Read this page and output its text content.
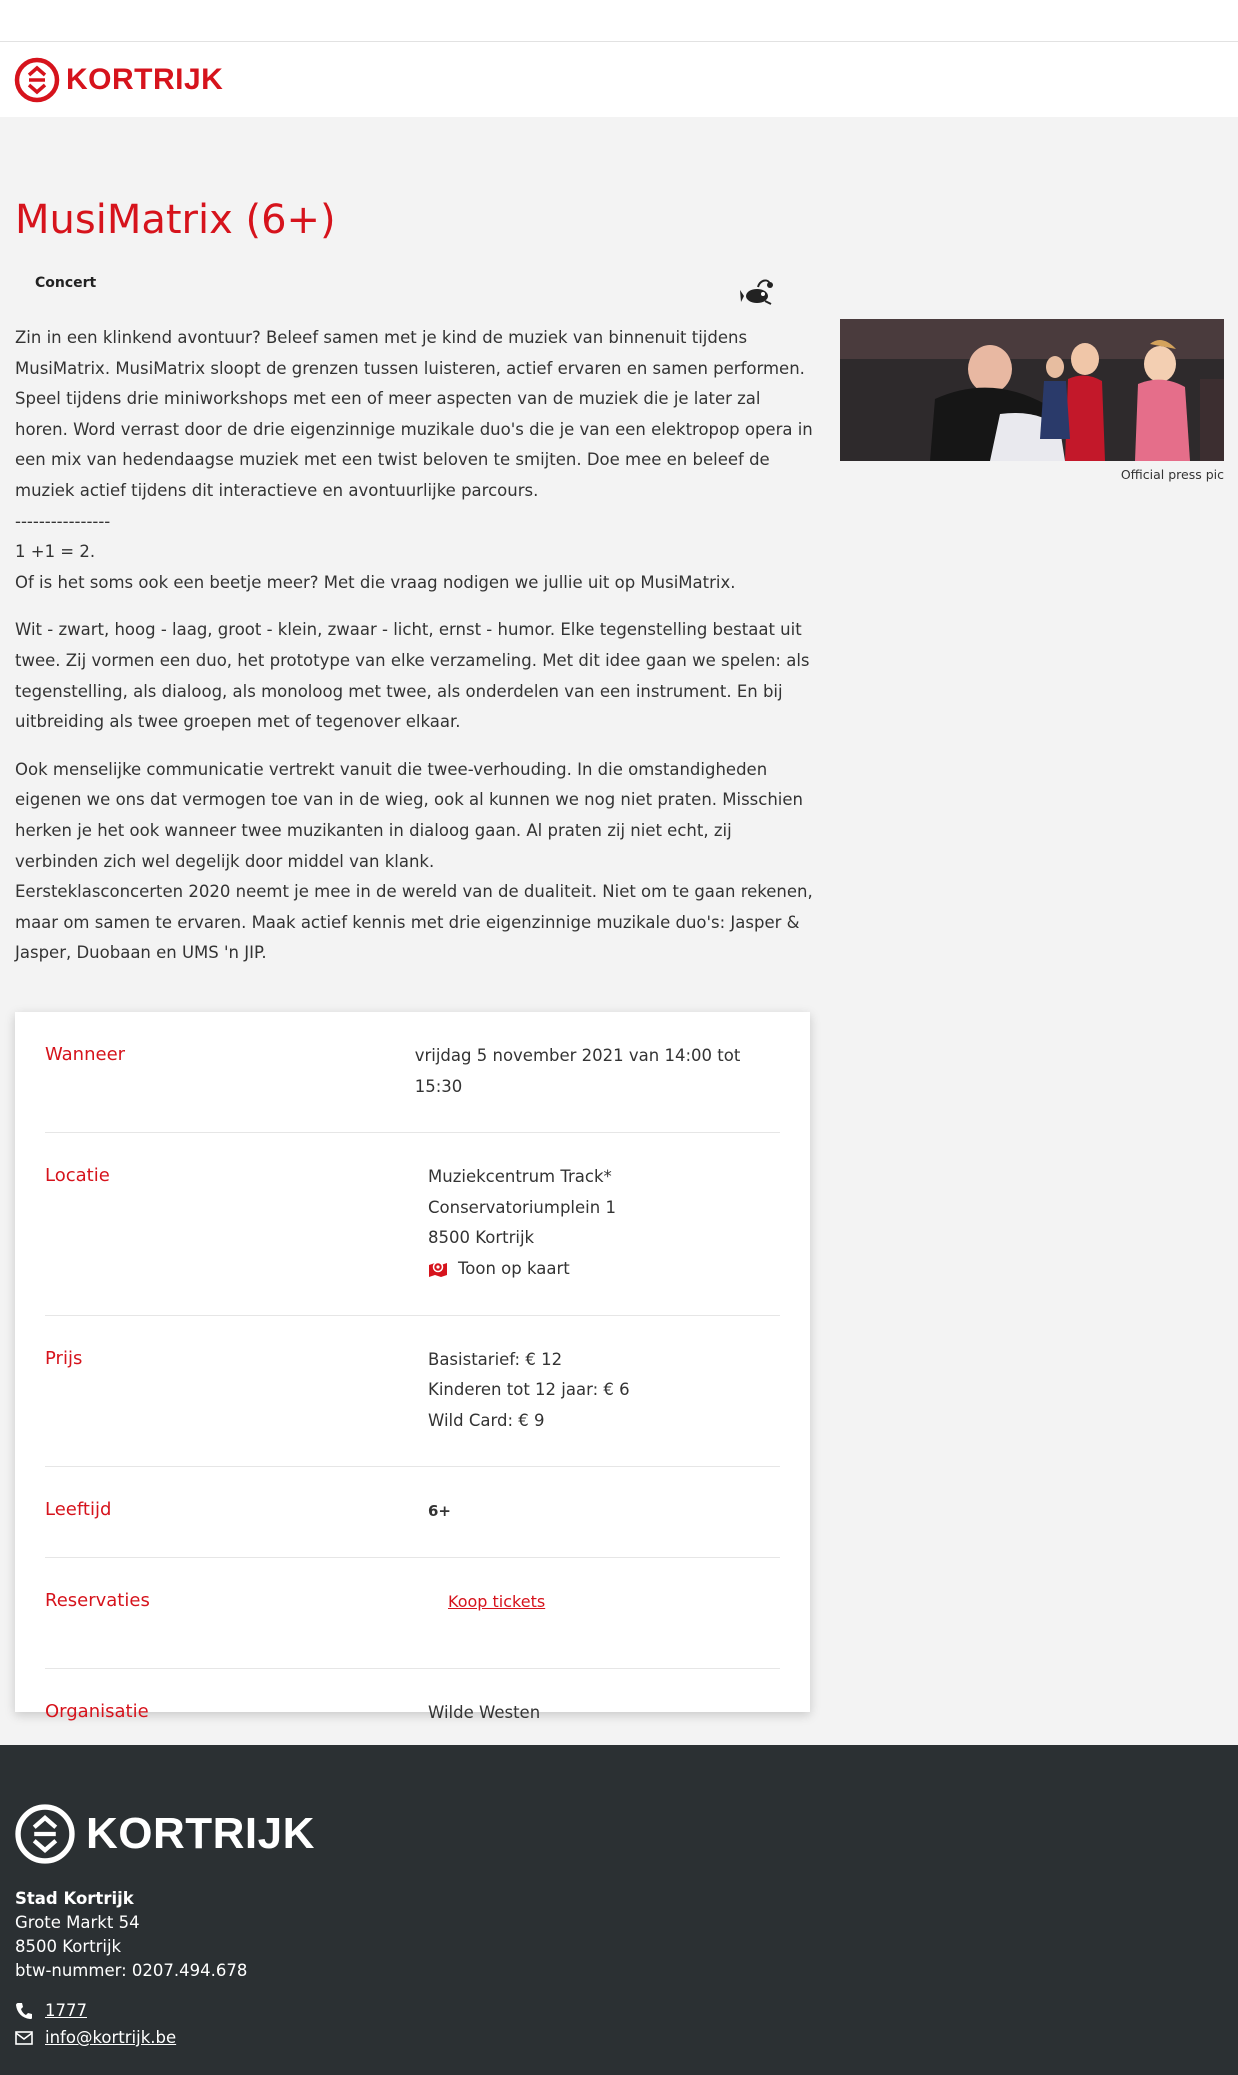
KORTRIJK
MusiMatrix (6+)
Concert

Zin in een klinkend avontuur? Beleef samen met je kind de muziek van binnenuit tijdens MusiMatrix. MusiMatrix sloopt de grenzen tussen luisteren, actief ervaren en samen performen. Speel tijdens drie miniworkshops met een of meer aspecten van de muziek die je later zal horen. Word verrast door de drie eigenzinnige muzikale duo's die je van een elektropop opera in een mix van hedendaagse muziek met een twist beloven te smijten. Doe mee en beleef de muziek actief tijdens dit interactieve en avontuurlijke parcours.
----------------
1 +1 = 2.
Of is het soms ook een beetje meer? Met die vraag nodigen we jullie uit op MusiMatrix.

Wit - zwart, hoog - laag, groot - klein, zwaar - licht, ernst - humor. Elke tegenstelling bestaat uit twee. Zij vormen een duo, het prototype van elke verzameling. Met dit idee gaan we spelen: als tegenstelling, als dialoog, als monoloog met twee, als onderdelen van een instrument. En bij uitbreiding als twee groepen met of tegenover elkaar.

Ook menselijke communicatie vertrekt vanuit die twee-verhouding. In die omstandigheden eigenen we ons dat vermogen toe van in de wieg, ook al kunnen we nog niet praten. Misschien herken je het ook wanneer twee muzikanten in dialoog gaan. Al praten zij niet echt, zij verbinden zich wel degelijk door middel van klank.
Eersteklasconcerten 2020 neemt je mee in de wereld van de dualiteit. Niet om te gaan rekenen, maar om samen te ervaren. Maak actief kennis met drie eigenzinnige muzikale duo's: Jasper & Jasper, Duobaan en UMS 'n JIP.

Official press pic
Wanneer	vrijdag 5 november 2021 van 14:00 tot 15:30
Locatie	Muziekcentrum Track*
Conservatoriumplein 1
8500 Kortrijk
Toon op kaart
Prijs	Basistarief: € 12
Kinderen tot 12 jaar: € 6
Wild Card: € 9
Leeftijd	6+
Reservaties	Koop tickets
Organisatie	Wilde Westen
KORTRIJK
Stad Kortrijk
Grote Markt 54
8500 Kortrijk
btw-nummer: 0207.494.678
1777
info@kortrijk.be
